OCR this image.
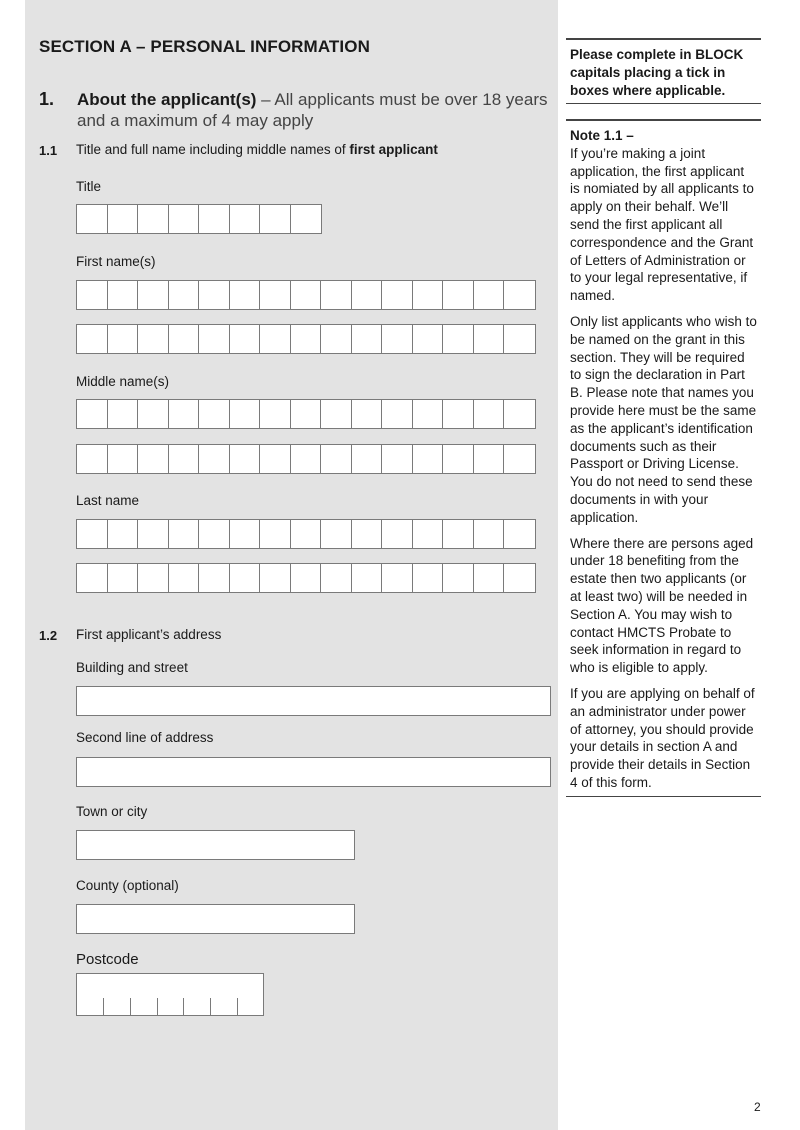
SECTION A – PERSONAL INFORMATION
1. About the applicant(s) – All applicants must be over 18 years and a maximum of 4 may apply
1.1 Title and full name including middle names of first applicant
Title
First name(s)
Middle name(s)
Last name
1.2 First applicant’s address
Building and street
Second line of address
Town or city
County (optional)
Postcode
Please complete in BLOCK capitals placing a tick in boxes where applicable.

Note 1.1 –

If you’re making a joint application, the first applicant is nomiated by all applicants to apply on their behalf. We’ll send the first applicant all correspondence and the Grant of Letters of Administration or to your legal representative, if named.

Only list applicants who wish to be named on the grant in this section. They will be required to sign the declaration in Part B. Please note that names you provide here must be the same as the applicant’s identification documents such as their Passport or Driving License. You do not need to send these documents in with your application.

Where there are persons aged under 18 benefiting from the estate then two applicants (or at least two) will be needed in Section A. You may wish to contact HMCTS Probate to seek information in regard to who is eligible to apply.

If you are applying on behalf of an administrator under power of attorney, you should provide your details in section A and provide their details in Section 4 of this form.

2
